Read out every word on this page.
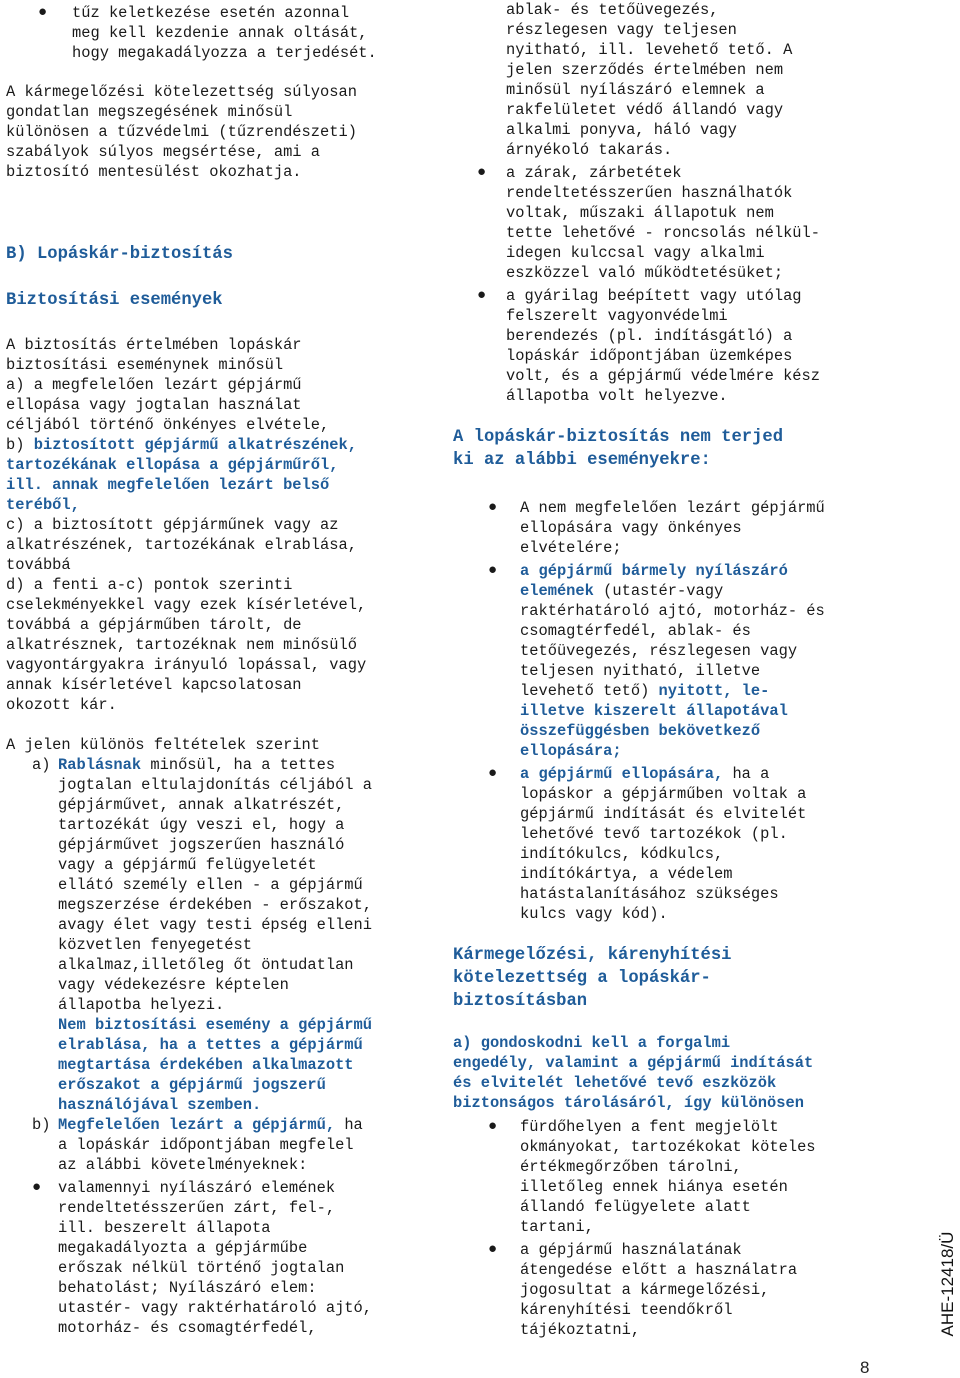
● tűz keletkezése esetén azonnal
meg kell kezdenie annak oltását,
hogy megakadályozza a terjedését.
A kármegelőzési kötelezettség súlyosan
gondatlan megszegésének minősül
különösen a tűzvédelmi (tűzrendészeti)
szabályok súlyos megsértése, ami a
biztosító mentesülést okozhatja.
B) Lopáskár-biztosítás
Biztosítási események
A biztosítás értelmében lopáskár
biztosítási eseménynek minősül
a) a megfelelően lezárt gépjármű
ellopása vagy jogtalan használat
céljából történő önkényes elvétele,
b) biztosított gépjármű alkatrészének,
tartozékának ellopása a gépjárműről,
ill. annak megfelelően lezárt belső
teréből,
c) a biztosított gépjárműnek vagy az
alkatrészének, tartozékának elrablása,
továbbá
d) a fenti a-c) pontok szerinti
cselekményekkel vagy ezek kísérletével,
továbbá a gépjárműben tárolt, de
alkatrésznek, tartozéknak nem minősülő
vagyontárgyakra irányuló lopással, vagy
annak kísérletével kapcsolatosan
okozott kár.
A jelen különös feltételek szerint
a) Rablásnak minősül, ha a tettes
jogtalan eltulajdonítás céljából a
gépjárművet, annak alkatrészét,
tartozékát úgy veszi el, hogy a
gépjárművet jogszerűen használó
vagy a gépjármű felügyeletét
ellátó személy ellen - a gépjármű
megszerzése érdekében - erőszakot,
avagy élet vagy testi épség elleni
közvetlen fenyegetést
alkalmaz,illetőleg őt öntudatlan
vagy védekezésre képtelen
állapotba helyezi.
Nem biztosítási esemény a gépjármű
elrablása, ha a tettes a gépjármű
megtartása érdekében alkalmazott
erőszakot a gépjármű jogszerű
használójával szemben.
b) Megfelelően lezárt a gépjármű, ha
a lopáskár időpontjában megfelel
az alábbi követelményeknek:
● valamennyi nyílászáró elemének
rendeltetésszerűen zárt, fel-,
ill. beszerelt állapota
megakadályozta a gépjárműbe
erőszak nélkül történő jogtalan
behatolást; Nyílászáró elem:
utastér- vagy raktérhatároló ajtó,
motorház- és csomagtérfedél,
ablak- és tetőüvegezés,
részlegesen vagy teljesen
nyitható, ill. levehető tető. A
jelen szerződés értelmében nem
minősül nyílászáró elemnek a
rakfelületet védő állandó vagy
alkalmi ponyva, háló vagy
árnyékoló takarás.
● a zárak, zárbetétek
rendeltetésszerűen használhatók
voltak, műszaki állapotuk nem
tette lehetővé - roncsolás nélkül-
idegen kulccsal vagy alkalmi
eszközzel való működtetésüket;
● a gyárilag beépített vagy utólag
felszerelt vagyonvédelmi
berendezés (pl. indításgátló) a
lopáskár időpontjában üzemképes
volt, és a gépjármű védelmére kész
állapotba volt helyezve.
A lopáskár-biztosítás nem terjed
ki az alábbi eseményekre:
● A nem megfelelően lezárt gépjármű
ellopására vagy önkényes
elvételére;
● a gépjármű bármely nyílászáró
elemének (utastér-vagy
raktérhatároló ajtó, motorház- és
csomagtérfedél, ablak- és
tetőüvegezés, részlegesen vagy
teljesen nyitható, illetve
levehető tető) nyitott, le-
illetve kiszerelt állapotával
összefüggésben bekövetkező
ellopására;
● a gépjármű ellopására, ha a
lopáskor a gépjárműben voltak a
gépjármű indítását és elvitelét
lehetővé tevő tartozékok (pl.
indítókulcs, kódkulcs,
indítókártya, a védelem
hatástalanításához szükséges
kulcs vagy kód).
Kármegelőzési, kárenyhítési
kötelezettség a lopáskár-
biztosításban
a) gondoskodni kell a forgalmi
engedély, valamint a gépjármű indítását
és elvitelét lehetővé tevő eszközök
biztonságos tárolásáról, így különösen
● fürdőhelyen a fent megjelölt
okmányokat, tartozékokat köteles
értékmegőrzőben tárolni,
illetőleg ennek hiánya esetén
állandó felügyelete alatt
tartani,
● a gépjármű használatának
átengedése előtt a használatra
jogosultat a kármegelőzési,
kárenyhítési teendőkről
tájékoztatni,	AHE-12418/Ü
8
